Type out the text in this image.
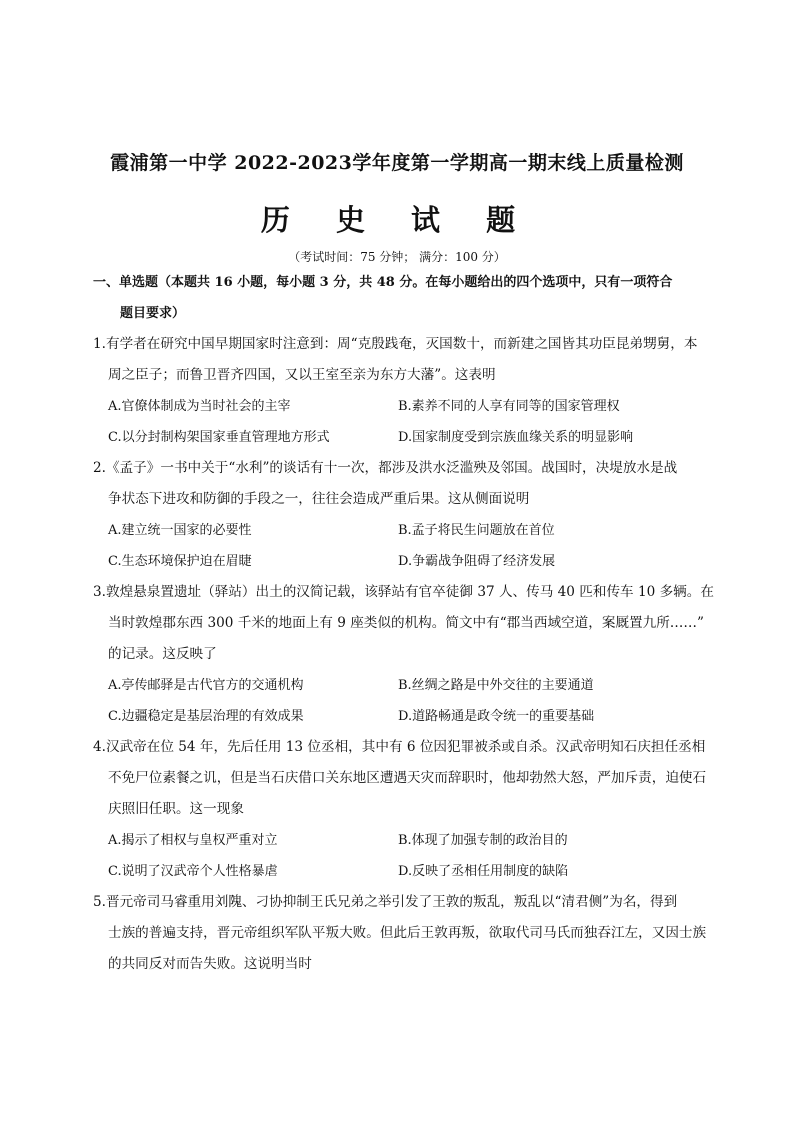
霞浦第一中学 2022-2023学年度第一学期高一期末线上质量检测
历 史 试 题
（考试时间：75 分钟； 满分：100 分）
一、单选题（本题共 16 小题，每小题 3 分，共 48 分。在每小题给出的四个选项中，只有一项符合
题目要求）
1.有学者在研究中国早期国家时注意到：周“克殷践奄，灭国数十，而新建之国皆其功臣昆弟甥舅，本
周之臣子；而鲁卫晋齐四国，又以王室至亲为东方大藩”。这表明
A.官僚体制成为当时社会的主宰	B.素养不同的人享有同等的国家管理权
C.以分封制构架国家垂直管理地方形式	D.国家制度受到宗族血缘关系的明显影响
2.《孟子》一书中关于“水利”的谈话有十一次，都涉及洪水泛滥殃及邻国。战国时，决堤放水是战
争状态下进攻和防御的手段之一，往往会造成严重后果。这从侧面说明
A.建立统一国家的必要性	B.孟子将民生问题放在首位
C.生态环境保护迫在眉睫	D.争霸战争阻碍了经济发展
3.敦煌悬泉置遗址（驿站）出土的汉简记载，该驿站有官卒徒御 37 人、传马 40 匹和传车 10 多辆。在
当时敦煌郡东西 300 千米的地面上有 9 座类似的机构。简文中有“郡当西域空道，案厩置九所……”
的记录。这反映了
A.亭传邮驿是古代官方的交通机构	B.丝绸之路是中外交往的主要通道
C.边疆稳定是基层治理的有效成果	D.道路畅通是政令统一的重要基础
4.汉武帝在位 54 年，先后任用 13 位丞相，其中有 6 位因犯罪被杀或自杀。汉武帝明知石庆担任丞相
不免尸位素餐之讥，但是当石庆借口关东地区遭遇天灾而辞职时，他却勃然大怒，严加斥责，迫使石
庆照旧任职。这一现象
A.揭示了相权与皇权严重对立	B.体现了加强专制的政治目的
C.说明了汉武帝个人性格暴虐	D.反映了丞相任用制度的缺陷
5.晋元帝司马睿重用刘隗、刁协抑制王氏兄弟之举引发了王敦的叛乱，叛乱以“清君侧”为名，得到
士族的普遍支持，晋元帝组织军队平叛大败。但此后王敦再叛，欲取代司马氏而独吞江左，又因士族
的共同反对而告失败。这说明当时
